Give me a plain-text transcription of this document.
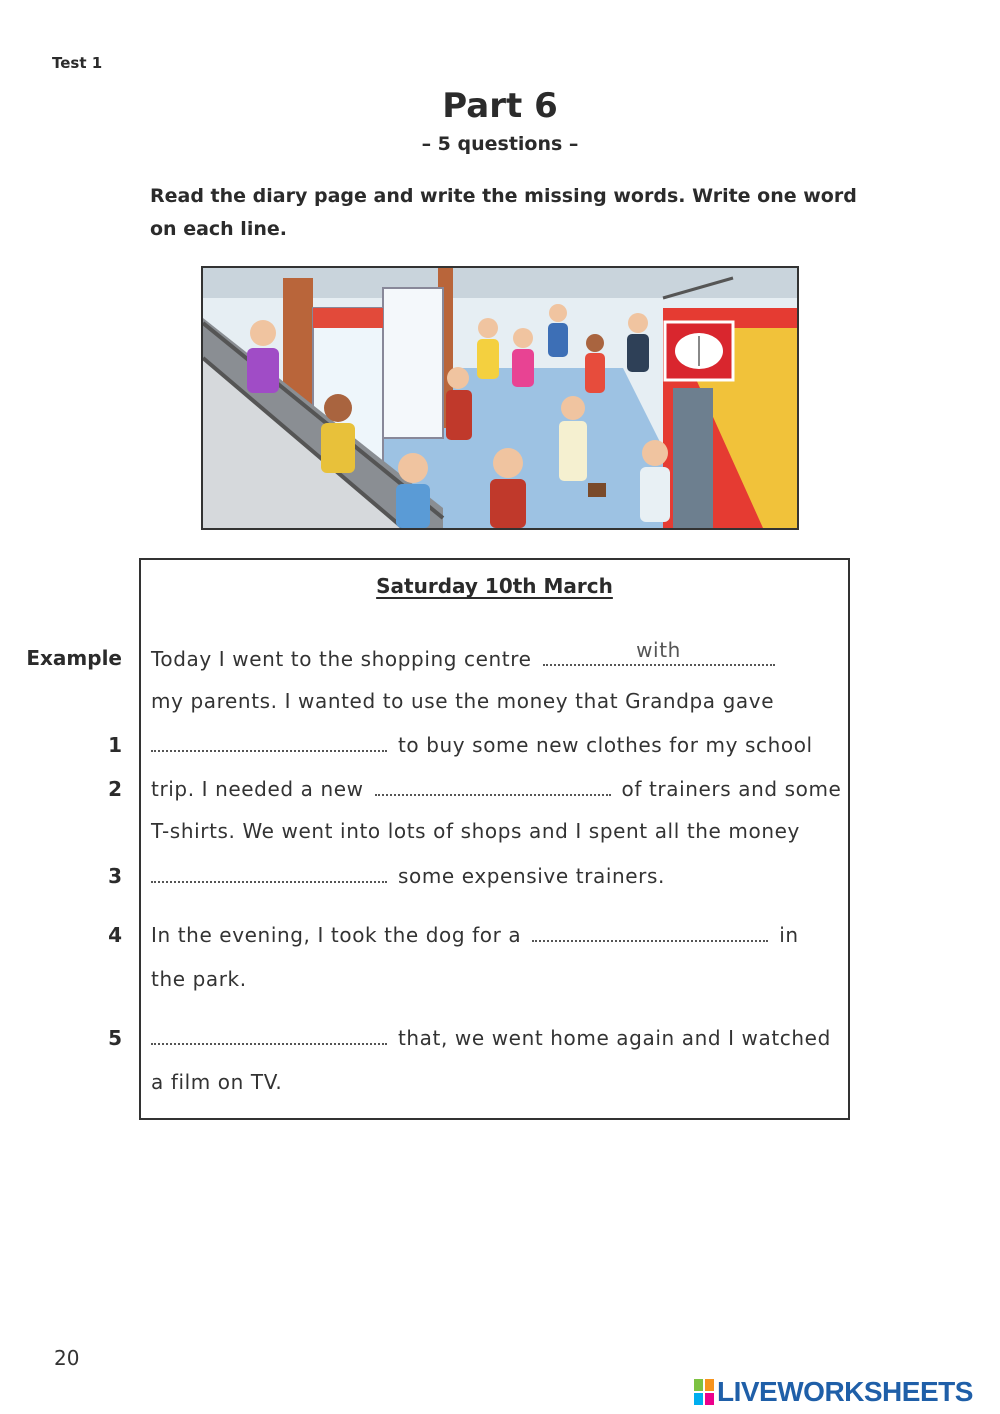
Test 1
Part 6
– 5 questions –
Read the diary page and write the missing words. Write one word on each line.
Saturday 10th March
Example Today I went to the shopping centre	with
my parents. I wanted to use the money that Grandpa gave
1	to buy some new clothes for my school
2 trip. I needed a new	of trainers and some
T-shirts. We went into lots of shops and I spent all the money
3	some expensive trainers.
4 In the evening, I took the dog for a	in
the park.
5	that, we went home again and I watched
a film on TV.
20
LIVEWORKSHEETS
